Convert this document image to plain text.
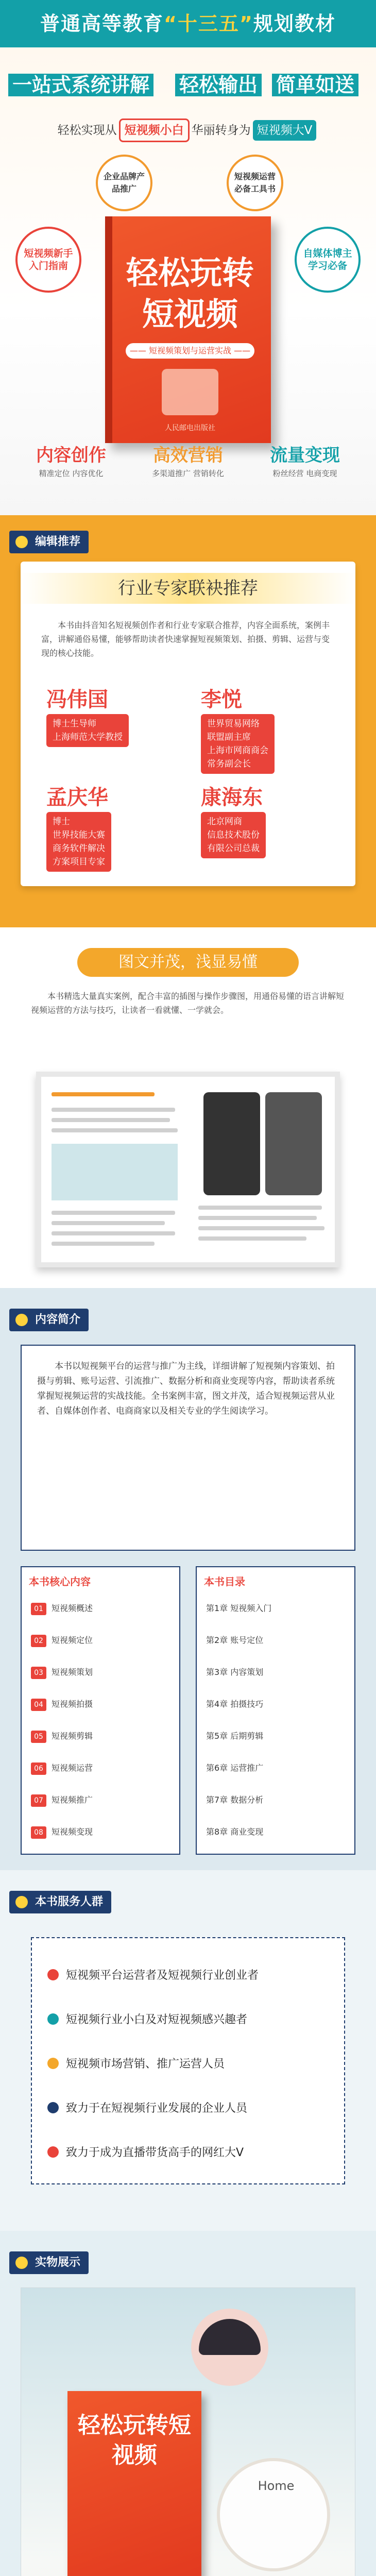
普通高等教育“十三五”规划教材
一站式系统讲解 轻松输出 简单如送
轻松实现从 短视频小白 华丽转身为 短视频大V
短视频新手入门指南
企业品牌产品推广
短视频运营必备工具书
自媒体博主学习必备
轻松玩转短视频
—— 短视频策划与运营实战 ——
人民邮电出版社
内容创作
精准定位 内容优化
高效营销
多渠道推广 营销转化
流量变现
粉丝经营 电商变现
编辑推荐
行业专家联袂推荐
本书由抖音知名短视频创作者和行业专家联合推荐，内容全面系统，案例丰富，讲解通俗易懂，能够帮助读者快速掌握短视频策划、拍摄、剪辑、运营与变现的核心技能。
冯伟国
博士生导师
上海师范大学教授
李悦
世界贸易网络
联盟副主席
上海市网商商会
常务副会长
孟庆华
博士
世界技能大赛
商务软件解决
方案项目专家
康海东
北京网商
信息技术股份
有限公司总裁
图文并茂，浅显易懂
本书精选大量真实案例，配合丰富的插图与操作步骤图，用通俗易懂的语言讲解短视频运营的方法与技巧，让读者一看就懂、一学就会。
内容简介

本书以短视频平台的运营与推广为主线，详细讲解了短视频内容策划、拍摄与剪辑、账号运营、引流推广、数据分析和商业变现等内容，帮助读者系统掌握短视频运营的实战技能。全书案例丰富，图文并茂，适合短视频运营从业者、自媒体创作者、电商商家以及相关专业的学生阅读学习。

本书核心内容
01 短视频概述
02 短视频定位
03 短视频策划
04 短视频拍摄
05 短视频剪辑
06 短视频运营
07 短视频推广
08 短视频变现
本书目录
第1章 短视频入门
第2章 账号定位
第3章 内容策划
第4章 拍摄技巧
第5章 后期剪辑
第6章 运营推广
第7章 数据分析
第8章 商业变现
本书服务人群
短视频平台运营者及短视频行业创业者
短视频行业小白及对短视频感兴趣者
短视频市场营销、推广运营人员
致力于在短视频行业发展的企业人员
致力于成为直播带货高手的网红大V
实物展示
轻松玩转短视频
Home
